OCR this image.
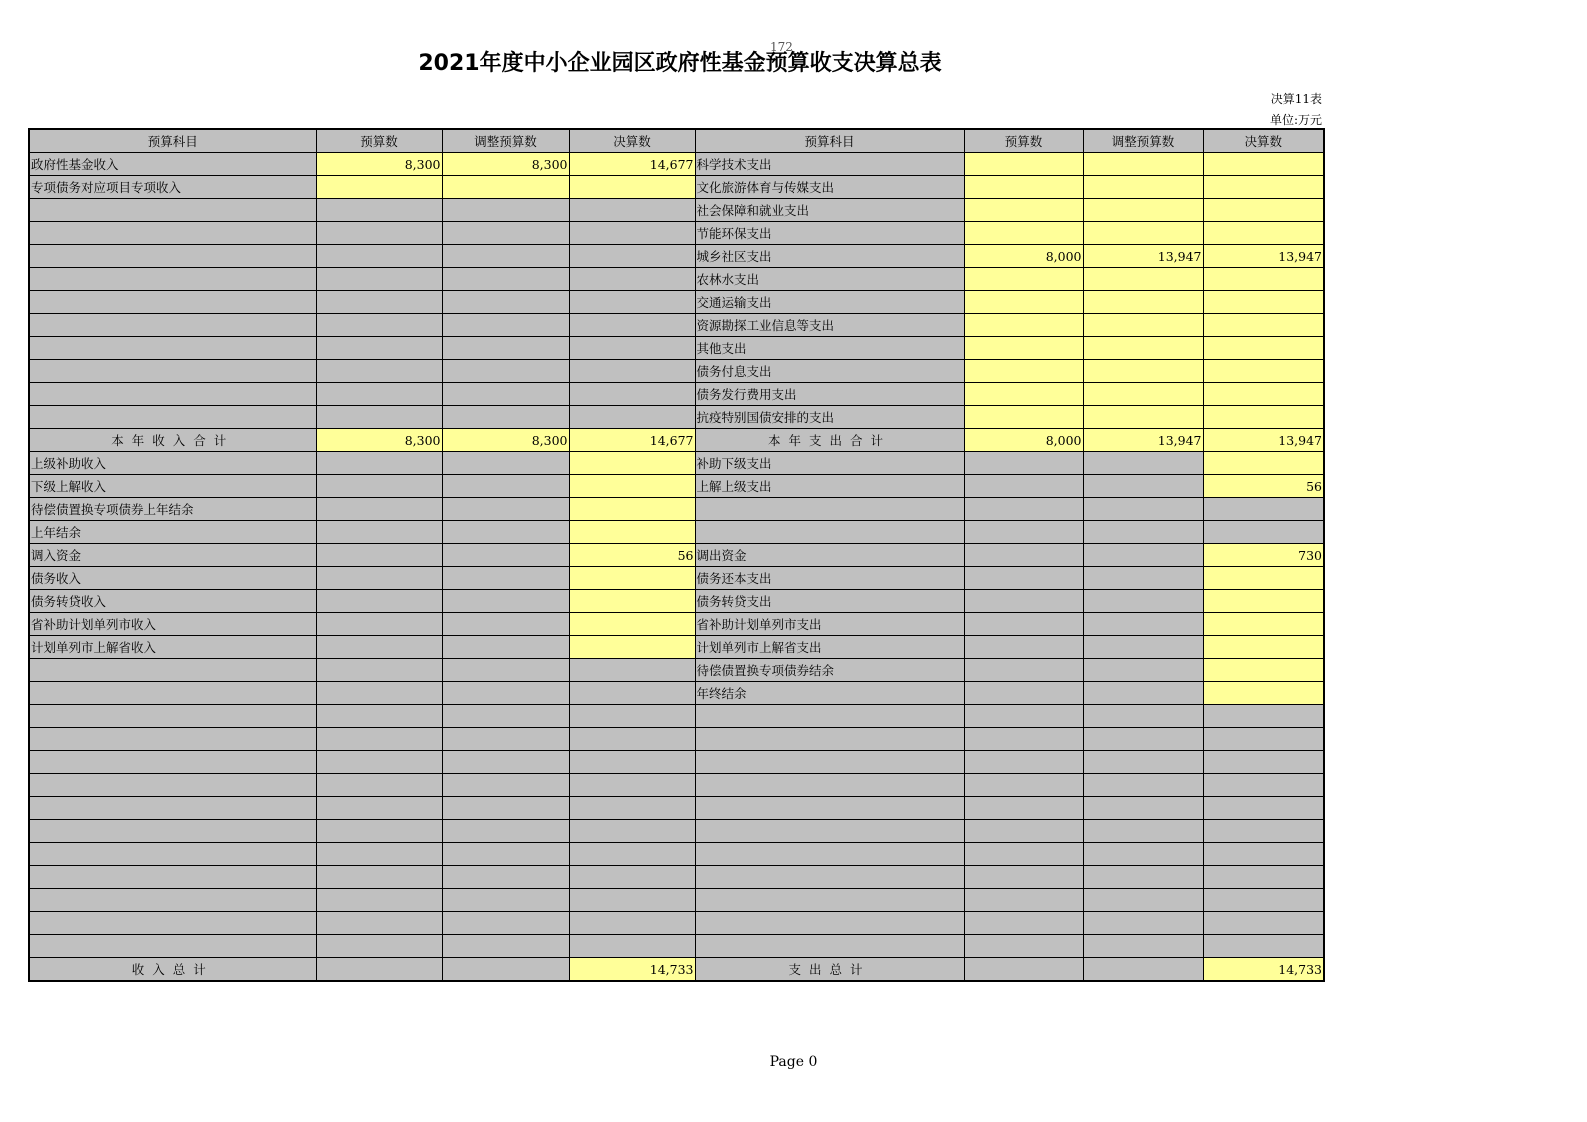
172
2021年度中小企业园区政府性基金预算收支决算总表
决算11表
单位:万元
预算科目	预算数	调整预算数	决算数	预算科目	预算数	调整预算数	决算数
政府性基金收入	8,300	8,300	14,677	科学技术支出			
专项债务对应项目专项收入				文化旅游体育与传媒支出			
				社会保障和就业支出			
				节能环保支出			
				城乡社区支出	8,000	13,947	13,947
				农林水支出			
				交通运输支出			
				资源勘探工业信息等支出			
				其他支出			
				债务付息支出			
				债务发行费用支出			
				抗疫特别国债安排的支出			
本年收入合计	8,300	8,300	14,677	本年支出合计	8,000	13,947	13,947
上级补助收入				补助下级支出			
下级上解收入				上解上级支出			56
待偿债置换专项债券上年结余							
上年结余							
调入资金			56	调出资金			730
债务收入				债务还本支出			
债务转贷收入				债务转贷支出			
省补助计划单列市收入				省补助计划单列市支出			
计划单列市上解省收入				计划单列市上解省支出			
				待偿债置换专项债券结余			
				年终结余			

收入总计			14,733	支出总计			14,733
Page 0
